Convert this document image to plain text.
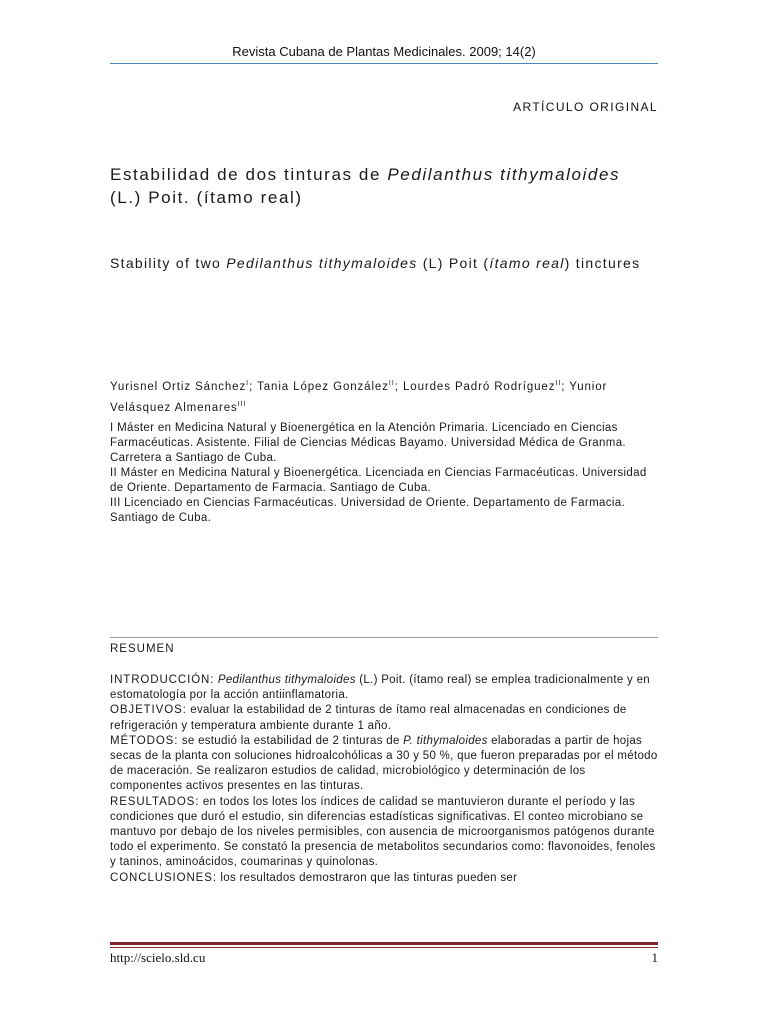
Revista Cubana de Plantas Medicinales. 2009; 14(2)
ARTÍCULO ORIGINAL
Estabilidad de dos tinturas de Pedilanthus tithymaloides (L.) Poit. (ítamo real)
Stability of two Pedilanthus tithymaloides (L) Poit (ítamo real) tinctures
Yurisnel Ortiz Sánchez$^I$; Tania López González$^{II}$; Lourdes Padró Rodríguez$^{II}$; Yunior Velásquez Almenares$^{III}$
I Máster en Medicina Natural y Bioenergética en la Atención Primaria. Licenciado en Ciencias Farmacéuticas. Asistente. Filial de Ciencias Médicas Bayamo. Universidad Médica de Granma. Carretera a Santiago de Cuba.
II Máster en Medicina Natural y Bioenergética. Licenciada en Ciencias Farmacéuticas. Universidad de Oriente. Departamento de Farmacia. Santiago de Cuba.
III Licenciado en Ciencias Farmacéuticas. Universidad de Oriente. Departamento de Farmacia. Santiago de Cuba.
RESUMEN
INTRODUCCIÓN: Pedilanthus tithymaloides (L.) Poit. (ítamo real) se emplea tradicionalmente y en estomatología por la acción antiinflamatoria.
OBJETIVOS: evaluar la estabilidad de 2 tinturas de ítamo real almacenadas en condiciones de refrigeración y temperatura ambiente durante 1 año.
MÉTODOS: se estudió la estabilidad de 2 tinturas de P. tithymaloides elaboradas a partir de hojas secas de la planta con soluciones hidroalcohólicas a 30 y 50 %, que fueron preparadas por el método de maceración. Se realizaron estudios de calidad, microbiológico y determinación de los componentes activos presentes en las tinturas.
RESULTADOS: en todos los lotes los índices de calidad se mantuvieron durante el período y las condiciones que duró el estudio, sin diferencias estadísticas significativas. El conteo microbiano se mantuvo por debajo de los niveles permisibles, con ausencia de microorganismos patógenos durante todo el experimento. Se constató la presencia de metabolitos secundarios como: flavonoides, fenoles y taninos, aminoácidos, coumarinas y quinolonas.
CONCLUSIONES: los resultados demostraron que las tinturas pueden ser
http://scielo.sld.cu	1
